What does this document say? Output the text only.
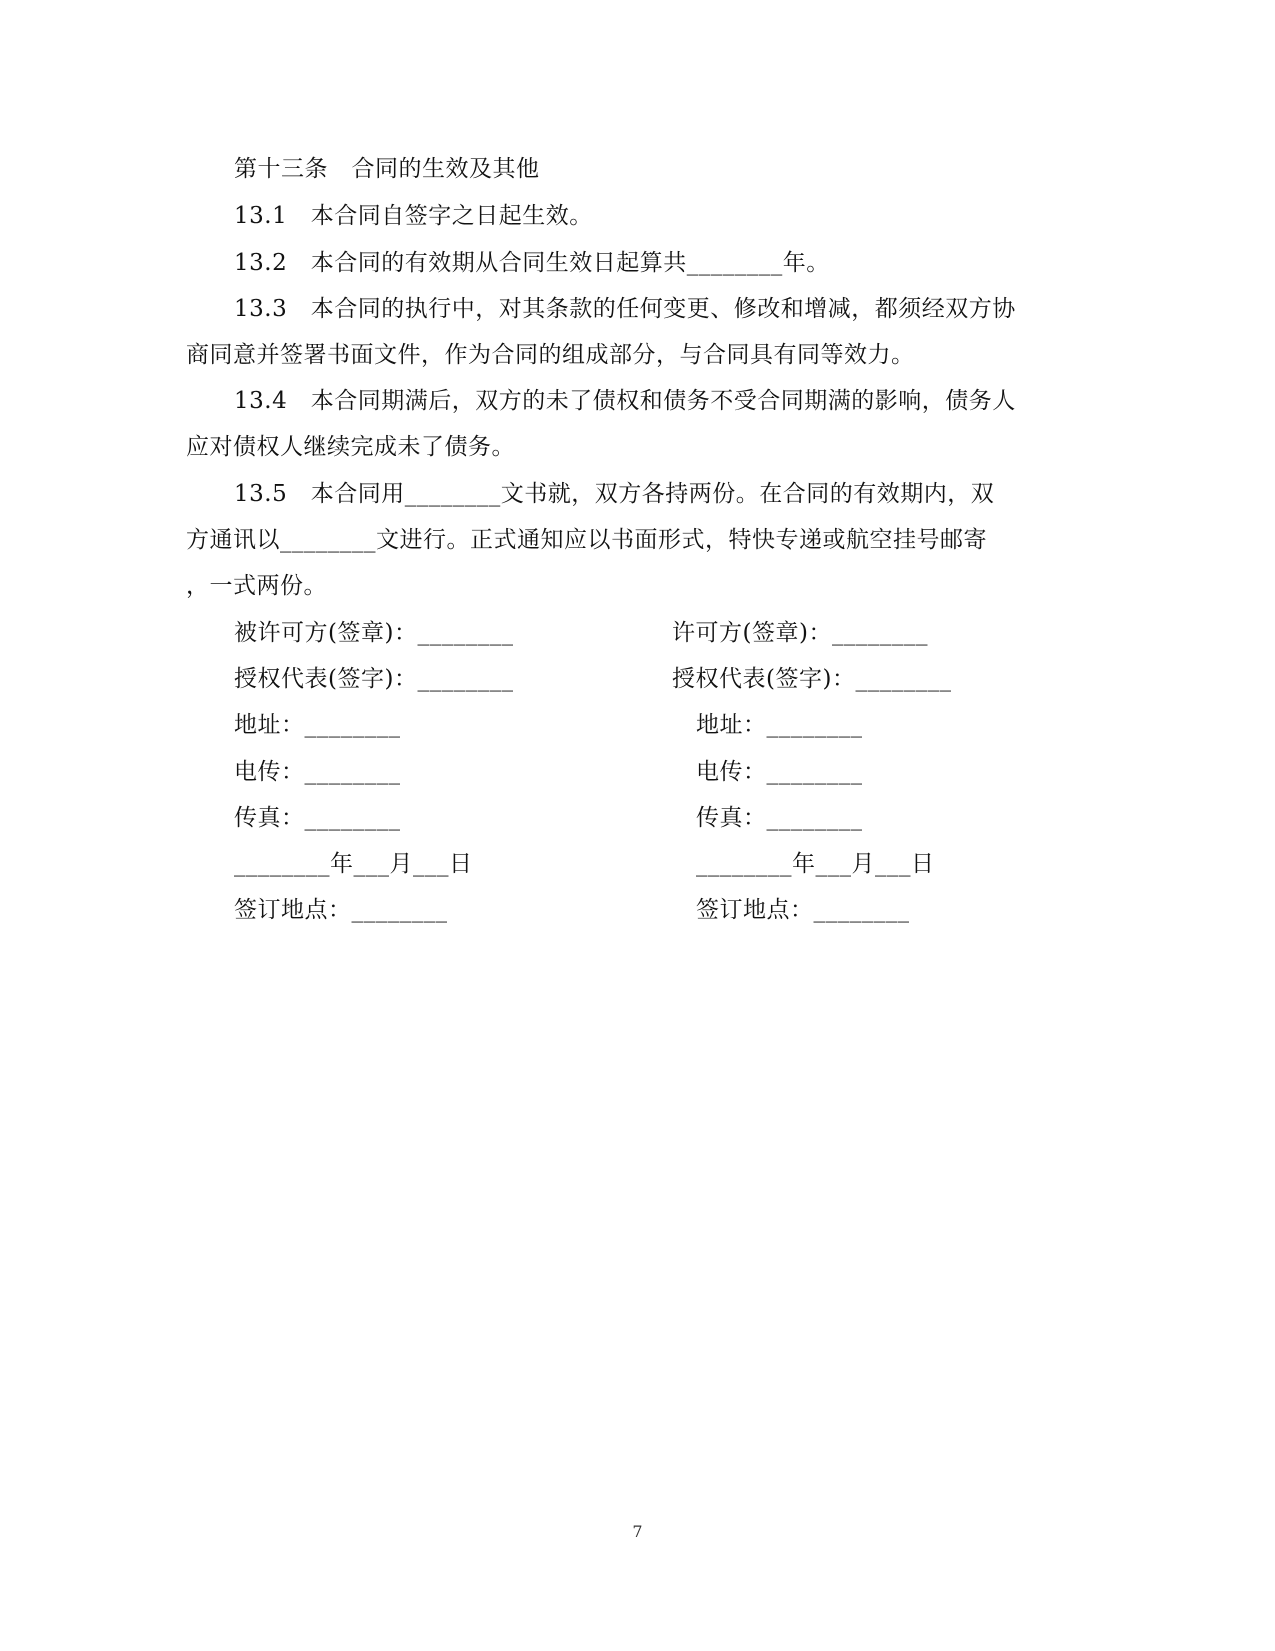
第十三条　合同的生效及其他
13.1　本合同自签字之日起生效。
13.2　本合同的有效期从合同生效日起算共________年。
13.3　本合同的执行中，对其条款的任何变更、修改和增减，都须经双方协
商同意并签署书面文件，作为合同的组成部分，与合同具有同等效力。
13.4　本合同期满后，双方的未了债权和债务不受合同期满的影响，债务人
应对债权人继续完成未了债务。
13.5　本合同用________文书就，双方各持两份。在合同的有效期内，双
方通讯以________文进行。正式通知应以书面形式，特快专递或航空挂号邮寄
，一式两份。
被许可方(签章)：________
授权代表(签字)：________
地址：________
电传：________
传真：________
________年___月___日
签订地点：________
许可方(签章)：________
授权代表(签字)：________
地址：________
电传：________
传真：________
________年___月___日
签订地点：________
7
